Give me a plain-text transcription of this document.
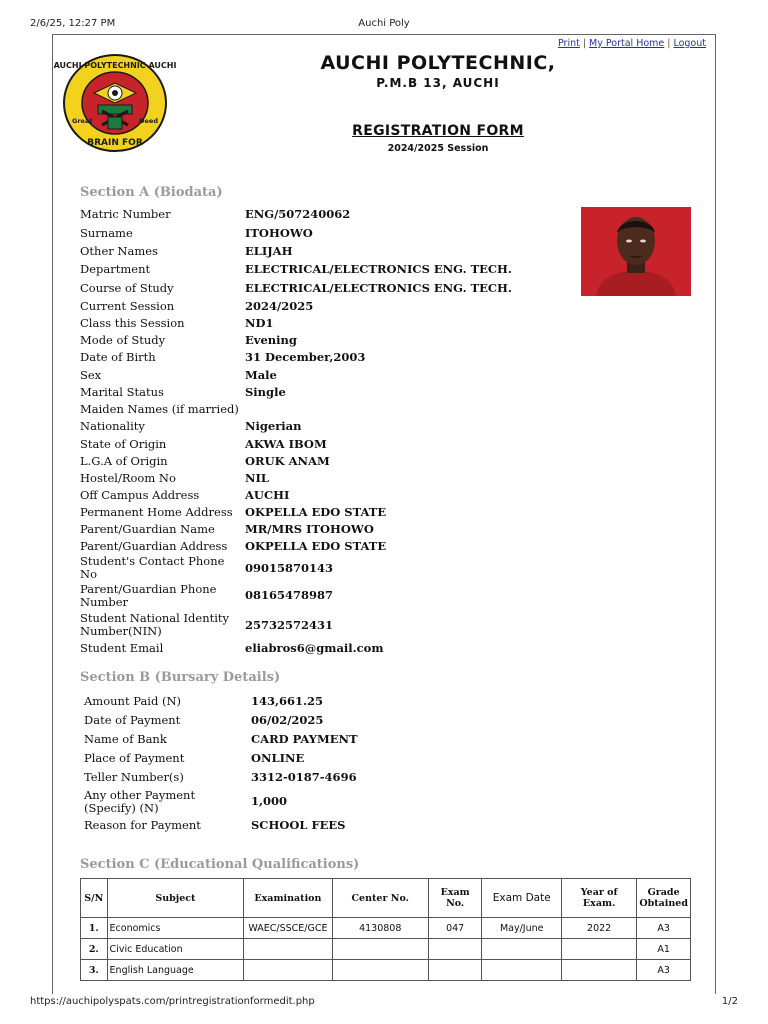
2/6/25, 12:27 PM	Auchi Poly
Print | My Portal Home | Logout
AUCHI POLYTECHNIC AUCHI
BRAIN FOR
Great	Deed
AUCHI POLYTECHNIC,
P.M.B 13, AUCHI
REGISTRATION FORM
2024/2025 Session
Section A (Biodata)
Matric Number	ENG/507240062
Surname	ITOHOWO
Other Names	ELIJAH
Department	ELECTRICAL/ELECTRONICS ENG. TECH.
Course of Study	ELECTRICAL/ELECTRONICS ENG. TECH.
Current Session	2024/2025
Class this Session	ND1
Mode of Study	Evening
Date of Birth	31 December,2003
Sex	Male
Marital Status	Single
Maiden Names (if married)	
Nationality	Nigerian
State of Origin	AKWA IBOM
L.G.A of Origin	ORUK ANAM
Hostel/Room No	NIL
Off Campus Address	AUCHI
Permanent Home Address	OKPELLA EDO STATE
Parent/Guardian Name	MR/MRS ITOHOWO
Parent/Guardian Address	OKPELLA EDO STATE
Student's Contact Phone No	09015870143
Parent/Guardian Phone Number	08165478987
Student National Identity Number(NIN)	25732572431
Student Email	eliabros6@gmail.com
Section B (Bursary Details)
Amount Paid (N)	143,661.25
Date of Payment	06/02/2025
Name of Bank	CARD PAYMENT
Place of Payment	ONLINE
Teller Number(s)	3312-0187-4696
Any other Payment (Specify) (N)	1,000
Reason for Payment	SCHOOL FEES
Section C (Educational Qualifications)
S/N	Subject	Examination	Center No.	Exam No.	Exam Date	Year of Exam.	Grade Obtained
1.	Economics	WAEC/SSCE/GCE	4130808	047	May/June	2022	A3
2.	Civic Education						A1
3.	English Language						A3
https://auchipolyspats.com/printregistrationformedit.php	1/2
